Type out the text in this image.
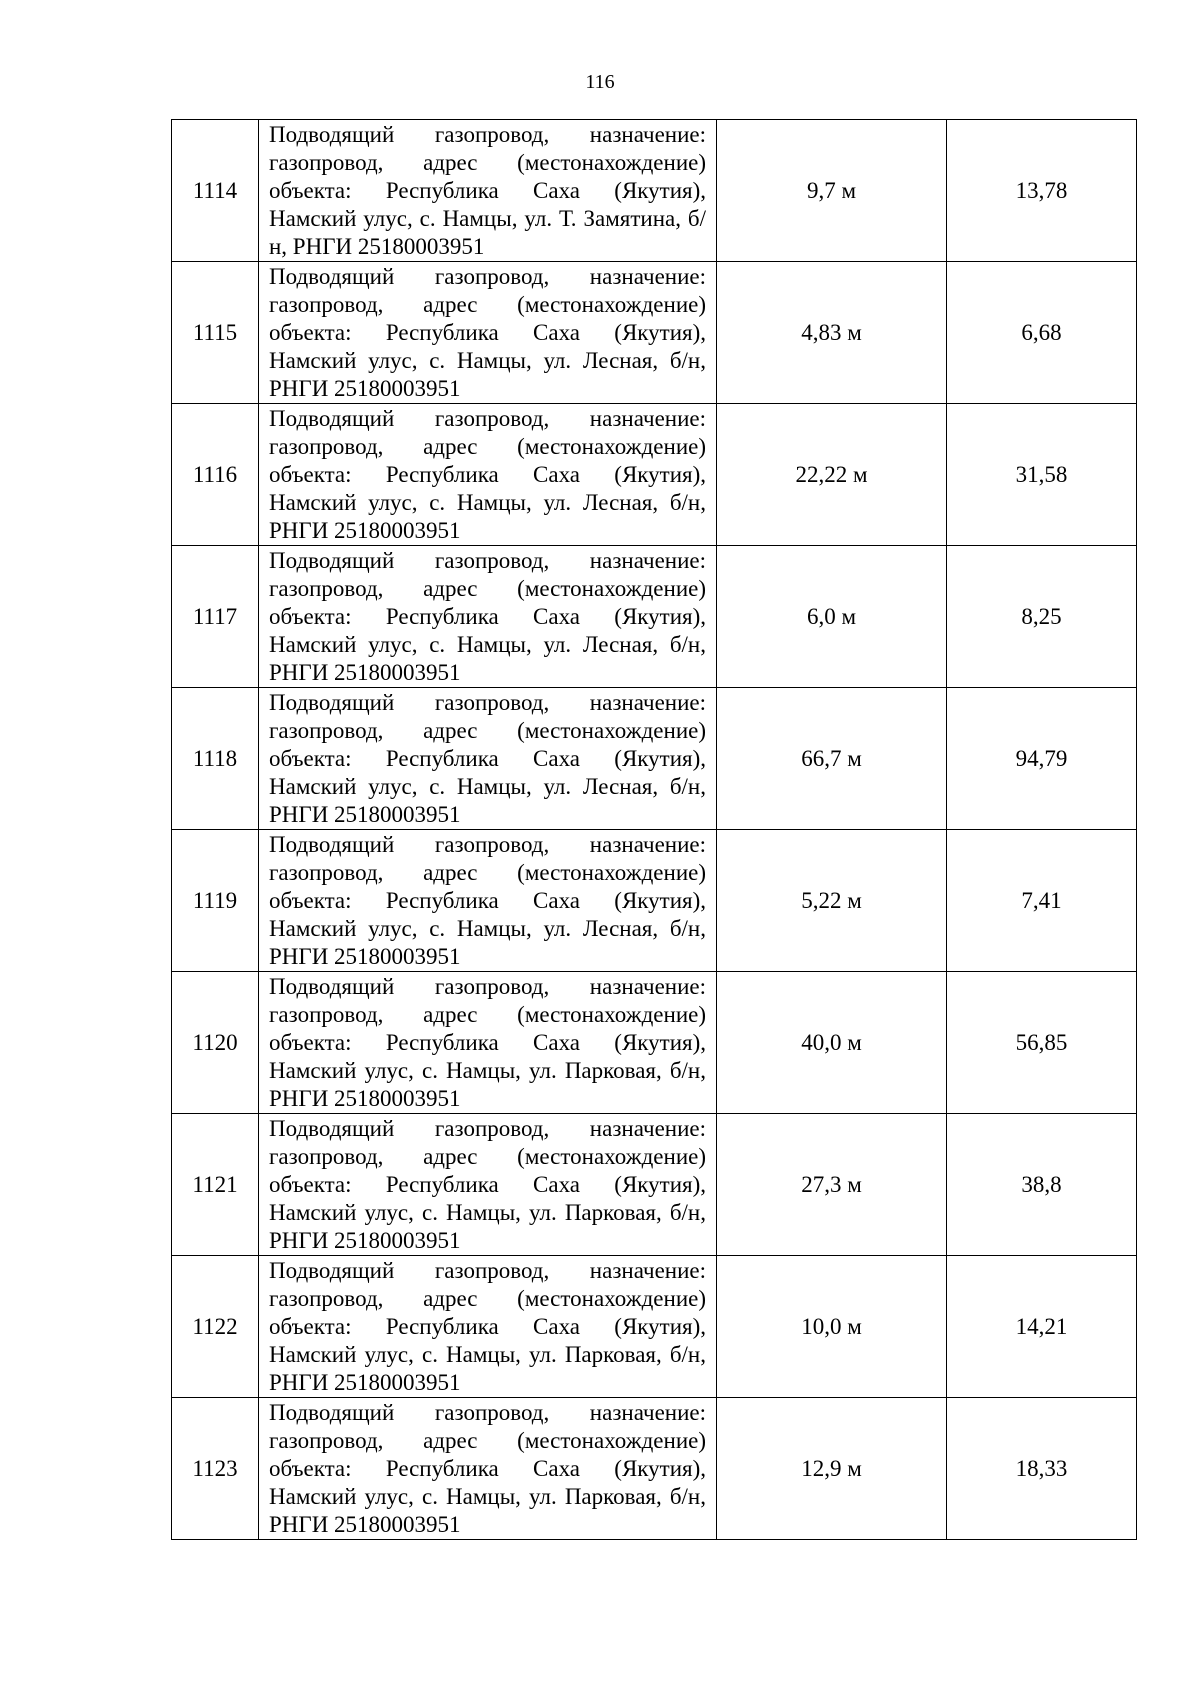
116
1114	Подводящий газопровод, назначение: газопровод, адрес (местонахождение) объекта: Республика Саха (Якутия), Намский улус, с. Намцы, ул. Т. Замятина, б/н, РНГИ 25180003951	9,7 м	13,78
1115	Подводящий газопровод, назначение: газопровод, адрес (местонахождение) объекта: Республика Саха (Якутия), Намский улус, с. Намцы, ул. Лесная, б/н, РНГИ 25180003951	4,83 м	6,68
1116	Подводящий газопровод, назначение: газопровод, адрес (местонахождение) объекта: Республика Саха (Якутия), Намский улус, с. Намцы, ул. Лесная, б/н, РНГИ 25180003951	22,22 м	31,58
1117	Подводящий газопровод, назначение: газопровод, адрес (местонахождение) объекта: Республика Саха (Якутия), Намский улус, с. Намцы, ул. Лесная, б/н, РНГИ 25180003951	6,0 м	8,25
1118	Подводящий газопровод, назначение: газопровод, адрес (местонахождение) объекта: Республика Саха (Якутия), Намский улус, с. Намцы, ул. Лесная, б/н, РНГИ 25180003951	66,7 м	94,79
1119	Подводящий газопровод, назначение: газопровод, адрес (местонахождение) объекта: Республика Саха (Якутия), Намский улус, с. Намцы, ул. Лесная, б/н, РНГИ 25180003951	5,22 м	7,41
1120	Подводящий газопровод, назначение: газопровод, адрес (местонахождение) объекта: Республика Саха (Якутия), Намский улус, с. Намцы, ул. Парковая, б/н, РНГИ 25180003951	40,0 м	56,85
1121	Подводящий газопровод, назначение: газопровод, адрес (местонахождение) объекта: Республика Саха (Якутия), Намский улус, с. Намцы, ул. Парковая, б/н, РНГИ 25180003951	27,3 м	38,8
1122	Подводящий газопровод, назначение: газопровод, адрес (местонахождение) объекта: Республика Саха (Якутия), Намский улус, с. Намцы, ул. Парковая, б/н, РНГИ 25180003951	10,0 м	14,21
1123	Подводящий газопровод, назначение: газопровод, адрес (местонахождение) объекта: Республика Саха (Якутия), Намский улус, с. Намцы, ул. Парковая, б/н, РНГИ 25180003951	12,9 м	18,33
